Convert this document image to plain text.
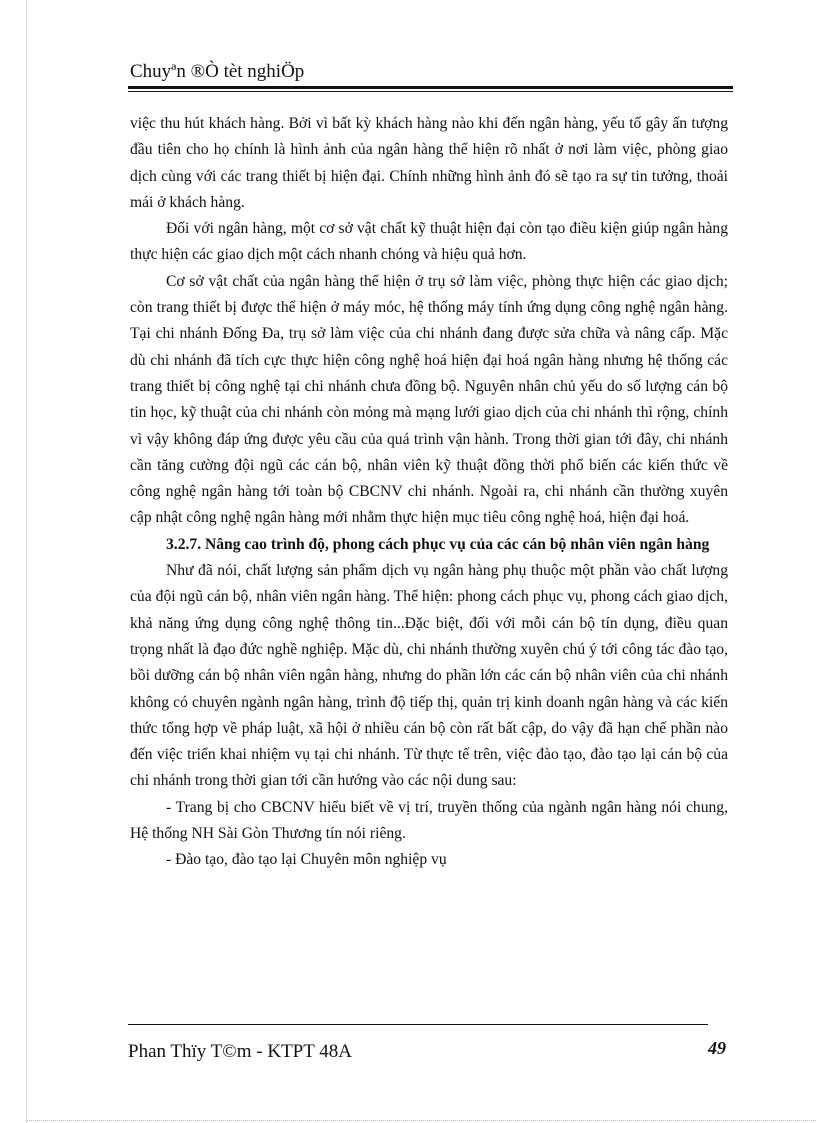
Chuyªn ®Ò tèt nghiÖp

việc thu hút khách hàng. Bởi vì bất kỳ khách hàng nào khi đến ngân hàng, yếu tố gây ấn tượng đầu tiên cho họ chính là hình ảnh của ngân hàng thể hiện rõ nhất ở nơi làm việc, phòng giao dịch cùng với các trang thiết bị hiện đại. Chính những hình ảnh đó sẽ tạo ra sự tin tưởng, thoải mái ở khách hàng.

Đối với ngân hàng, một cơ sở vật chất kỹ thuật hiện đại còn tạo điều kiện giúp ngân hàng thực hiện các giao dịch một cách nhanh chóng và hiệu quả hơn.

Cơ sở vật chất của ngân hàng thể hiện ở trụ sở làm việc, phòng thực hiện các giao dịch; còn trang thiết bị được thể hiện ở máy móc, hệ thống máy tính ứng dụng công nghệ ngân hàng. Tại chi nhánh Đống Đa, trụ sở làm việc của chi nhánh đang được sửa chữa và nâng cấp. Mặc dù chi nhánh đã tích cực thực hiện công nghệ hoá hiện đại hoá ngân hàng nhưng hệ thống các trang thiết bị công nghệ tại chi nhánh chưa đồng bộ. Nguyên nhân chủ yếu do số lượng cán bộ tin học, kỹ thuật của chi nhánh còn mỏng mà mạng lưới giao dịch của chi nhánh thì rộng, chính vì vậy không đáp ứng được yêu cầu của quá trình vận hành. Trong thời gian tới đây, chi nhánh cần tăng cường đội ngũ các cán bộ, nhân viên kỹ thuật đồng thời phổ biến các kiến thức về công nghệ ngân hàng tới toàn bộ CBCNV chi nhánh. Ngoài ra, chi nhánh cần thường xuyên cập nhật công nghệ ngân hàng mới nhằm thực hiện mục tiêu công nghệ hoá, hiện đại hoá.

3.2.7. Nâng cao trình độ, phong cách phục vụ của các cán bộ nhân viên ngân hàng

Như đã nói, chất lượng sản phẩm dịch vụ ngân hàng phụ thuộc một phần vào chất lượng của đội ngũ cán bộ, nhân viên ngân hàng. Thể hiện: phong cách phục vụ, phong cách giao dịch, khả năng ứng dụng công nghệ thông tin...Đặc biệt, đối với mỗi cán bộ tín dụng, điều quan trọng nhất là đạo đức nghề nghiệp. Mặc dù, chi nhánh thường xuyên chú ý tới công tác đào tạo, bồi dưỡng cán bộ nhân viên ngân hàng, nhưng do phần lớn các cán bộ nhân viên của chi nhánh không có chuyên ngành ngân hàng, trình độ tiếp thị, quản trị kinh doanh ngân hàng và các kiến thức tổng hợp về pháp luật, xã hội ở nhiều cán bộ còn rất bất cập, do vậy đã hạn chế phần nào đến việc triển khai nhiệm vụ tại chi nhánh. Từ thực tế trên, việc đào tạo, đào tạo lại cán bộ của chi nhánh trong thời gian tới cần hướng vào các nội dung sau:

- Trang bị cho CBCNV hiểu biết về vị trí, truyền thống của ngành ngân hàng nói chung, Hệ thống NH Sài Gòn Thương tín nói riêng.

- Đào tạo, đào tạo lại Chuyên môn nghiệp vụ

Phan Thïy T©m - KTPT 48A	49
